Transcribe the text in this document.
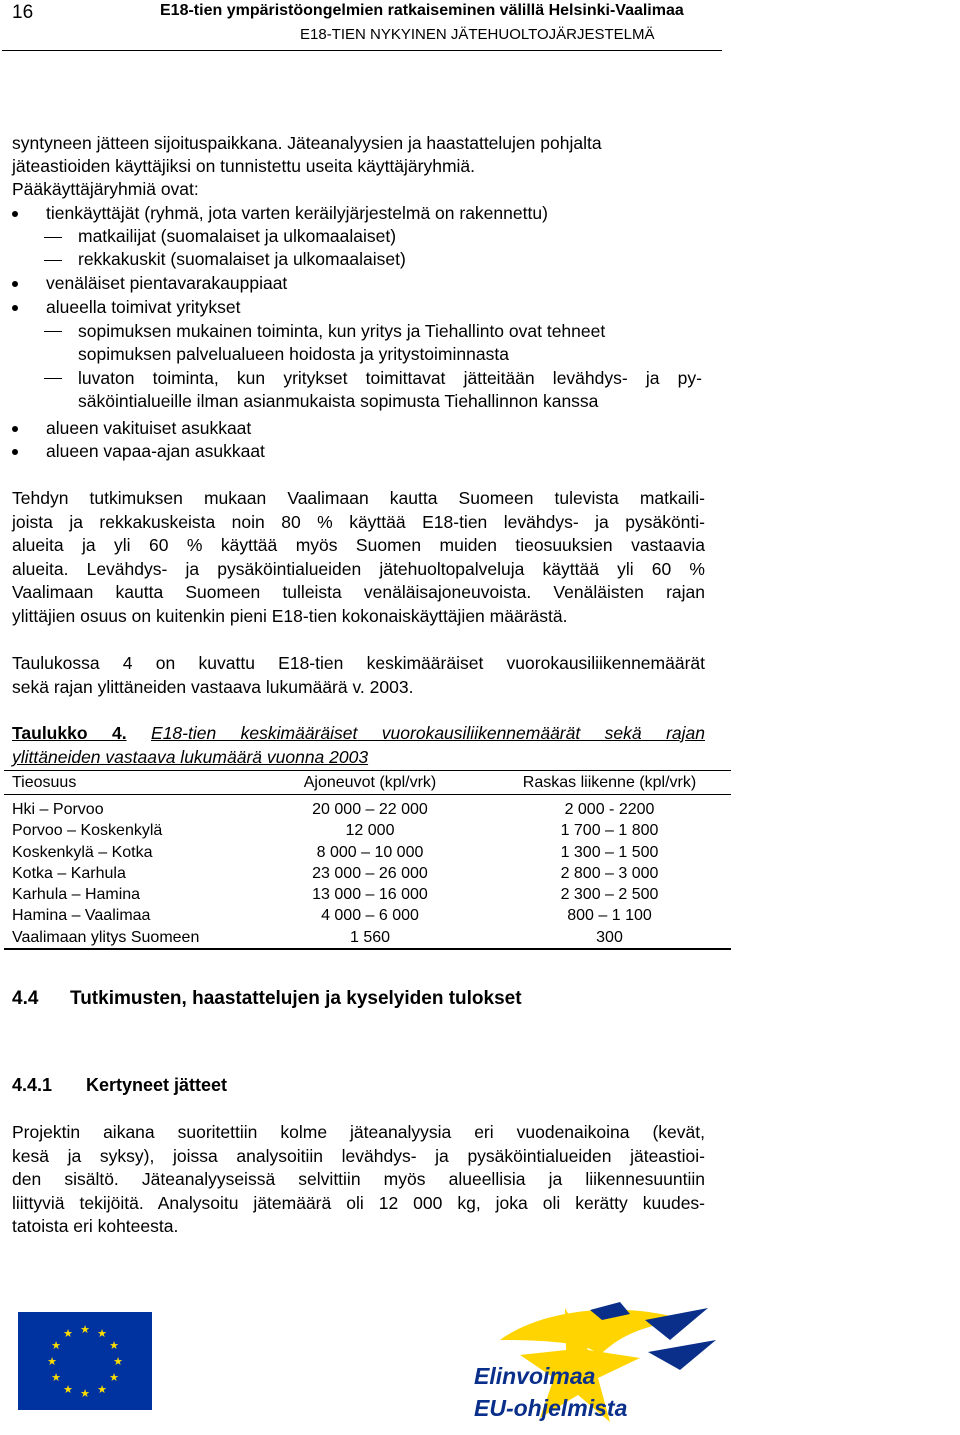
16	E18-tien ympäristöongelmien ratkaiseminen välillä Helsinki-Vaalimaa
E18-TIEN NYKYINEN JÄTEHUOLTOJÄRJESTELMÄ
syntyneen jätteen sijoituspaikkana. Jäteanalyysien ja haastattelujen pohjalta
jäteastioiden käyttäjiksi on tunnistettu useita käyttäjäryhmiä.
Pääkäyttäjäryhmiä ovat:
tienkäyttäjät (ryhmä, jota varten keräilyjärjestelmä on rakennettu)
matkailijat (suomalaiset ja ulkomaalaiset)
rekkakuskit (suomalaiset ja ulkomaalaiset)
venäläiset pientavarakauppiaat
alueella toimivat yritykset
sopimuksen mukainen toiminta, kun yritys ja Tiehallinto ovat tehneet
sopimuksen palvelualueen hoidosta ja yritystoiminnasta
luvaton toiminta, kun yritykset toimittavat jätteitään levähdys- ja py-
säköintialueille ilman asianmukaista sopimusta Tiehallinnon kanssa
alueen vakituiset asukkaat
alueen vapaa-ajan asukkaat
Tehdyn tutkimuksen mukaan Vaalimaan kautta Suomeen tulevista matkaili-
joista ja rekkakuskeista noin 80 % käyttää E18-tien levähdys- ja pysäkönti-
alueita ja yli 60 % käyttää myös Suomen muiden tieosuuksien vastaavia
alueita. Levähdys- ja pysäköintialueiden jätehuoltopalveluja käyttää yli 60 %
Vaalimaan kautta Suomeen tulleista venäläisajoneuvoista. Venäläisten rajan
ylittäjien osuus on kuitenkin pieni E18-tien kokonaiskäyttäjien määrästä.
Taulukossa 4 on kuvattu E18-tien keskimääräiset vuorokausiliikennemäärät
sekä rajan ylittäneiden vastaava lukumäärä v. 2003.
Taulukko 4. E18-tien keskimääräiset vuorokausiliikennemäärät sekä rajan
ylittäneiden vastaava lukumäärä vuonna 2003
Tieosuus	Ajoneuvot (kpl/vrk)	Raskas liikenne (kpl/vrk)
Hki – Porvoo	20 000 – 22 000	2 000 - 2200
Porvoo – Koskenkylä	12 000	1 700 – 1 800
Koskenkylä – Kotka	8 000 – 10 000	1 300 – 1 500
Kotka – Karhula	23 000 – 26 000	2 800 – 3 000
Karhula – Hamina	13 000 – 16 000	2 300 – 2 500
Hamina – Vaalimaa	4 000 – 6 000	800 – 1 100
Vaalimaan ylitys Suomeen	1 560	300
4.4 Tutkimusten, haastattelujen ja kyselyiden tulokset
4.4.1 Kertyneet jätteet
Projektin aikana suoritettiin kolme jäteanalyysia eri vuodenaikoina (kevät,
kesä ja syksy), joissa analysoitiin levähdys- ja pysäköintialueiden jäteastioi-
den sisältö. Jäteanalyyseissä selvittiin myös alueellisia ja liikennesuuntiin
liittyviä tekijöitä. Analysoitu jätemäärä oli 12 000 kg, joka oli kerätty kuudes-
tatoista eri kohteesta.
★ ★
★
★
★
★
★
★
★
★
★
★
Elinvoimaa
EU-ohjelmista
